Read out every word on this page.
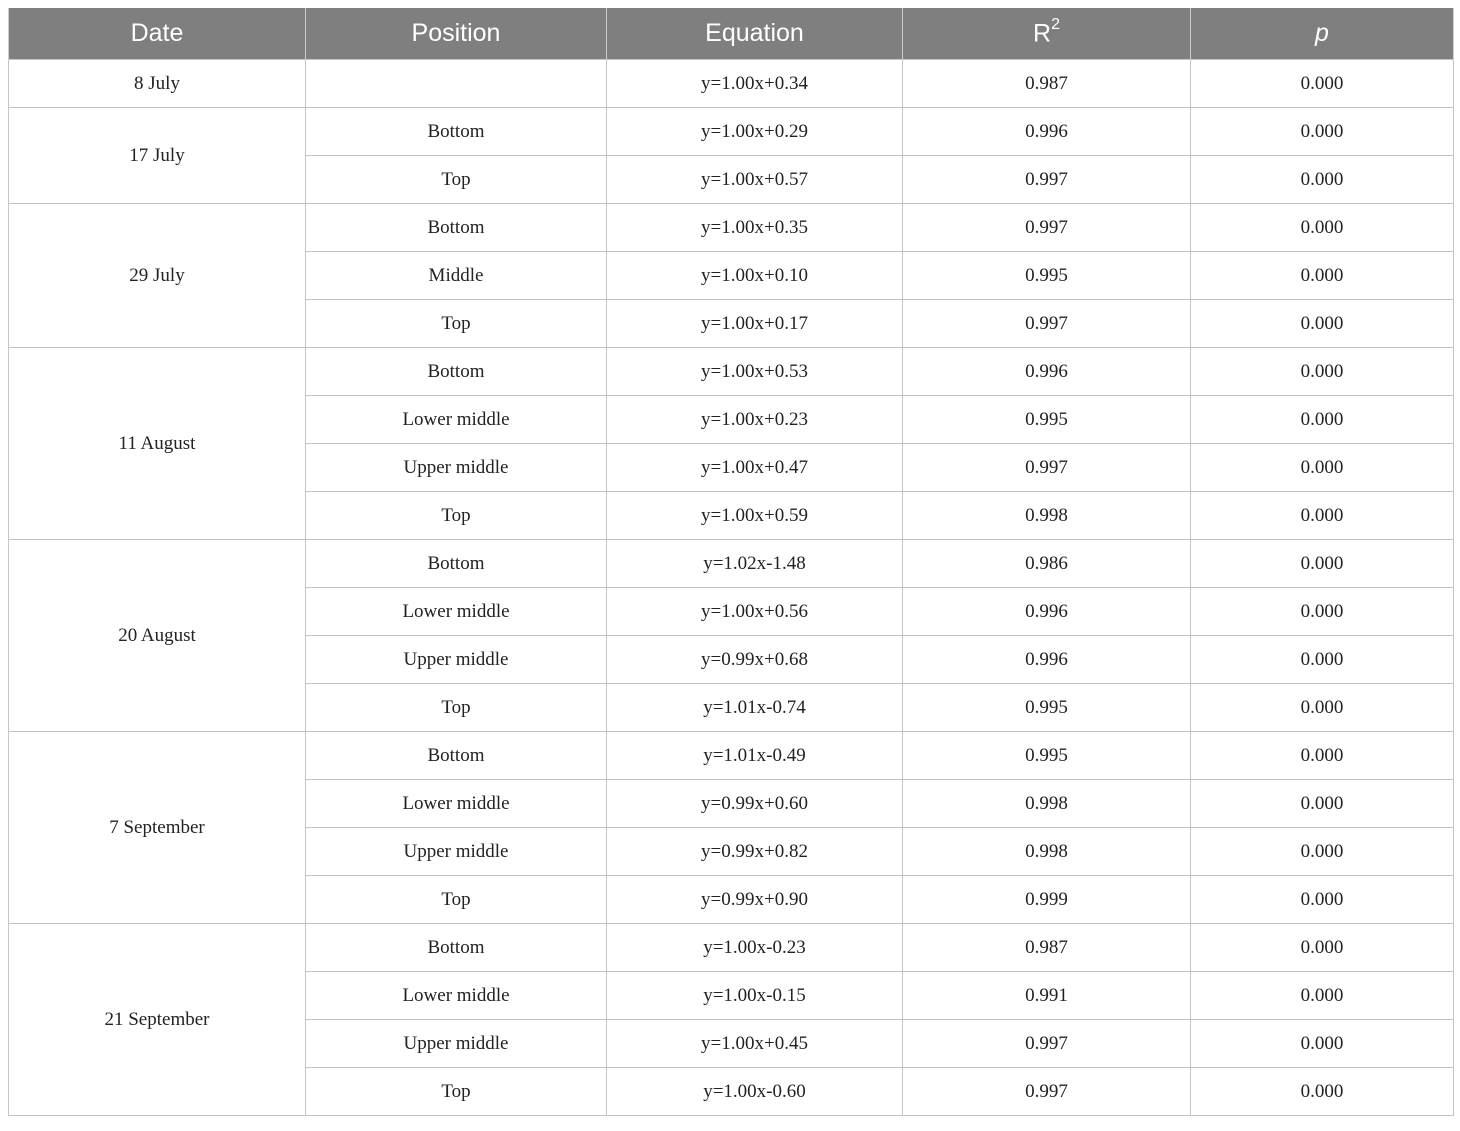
Date	Position	Equation	$R^2$	p
8 July		y=1.00x+0.34	0.987	0.000
17 July	Bottom	y=1.00x+0.29	0.996	0.000
	Top	y=1.00x+0.57	0.997	0.000
29 July	Bottom	y=1.00x+0.35	0.997	0.000
	Middle	y=1.00x+0.10	0.995	0.000
	Top	y=1.00x+0.17	0.997	0.000
11 August	Bottom	y=1.00x+0.53	0.996	0.000
	Lower middle	y=1.00x+0.23	0.995	0.000
	Upper middle	y=1.00x+0.47	0.997	0.000
	Top	y=1.00x+0.59	0.998	0.000
20 August	Bottom	y=1.02x-1.48	0.986	0.000
	Lower middle	y=1.00x+0.56	0.996	0.000
	Upper middle	y=0.99x+0.68	0.996	0.000
	Top	y=1.01x-0.74	0.995	0.000
7 September	Bottom	y=1.01x-0.49	0.995	0.000
	Lower middle	y=0.99x+0.60	0.998	0.000
	Upper middle	y=0.99x+0.82	0.998	0.000
	Top	y=0.99x+0.90	0.999	0.000
21 September	Bottom	y=1.00x-0.23	0.987	0.000
	Lower middle	y=1.00x-0.15	0.991	0.000
	Upper middle	y=1.00x+0.45	0.997	0.000
	Top	y=1.00x-0.60	0.997	0.000
